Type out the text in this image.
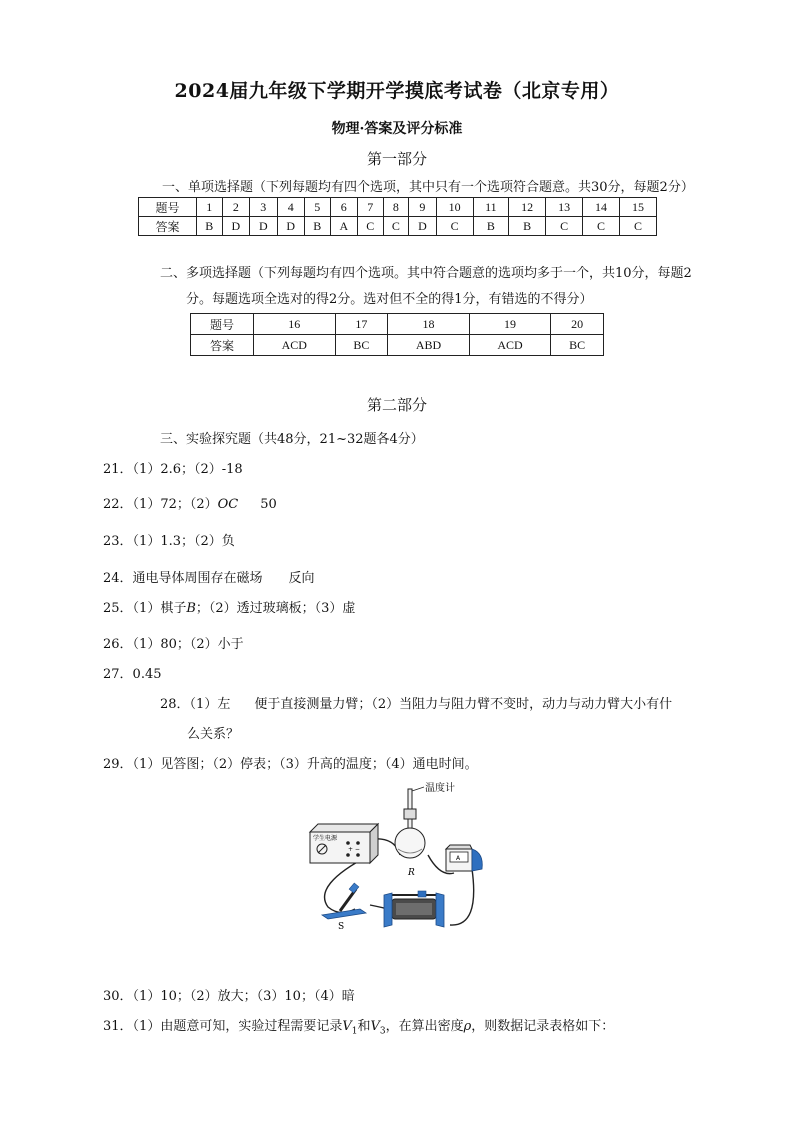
2024届九年级下学期开学摸底考试卷（北京专用）
物理·答案及评分标准
第一部分
一、单项选择题（下列每题均有四个选项，其中只有一个选项符合题意。共30分，每题2分）
题号	1	2	3	4	5	6	7	8	9	10	11	12	13	14	15
答案	B	D	D	D	B	A	C	C	D	C	B	B	C	C	C
二、多项选择题（下列每题均有四个选项。其中符合题意的选项均多于一个，共10分，每题2
分。每题选项全选对的得2分。选对但不全的得1分，有错选的不得分）
题号	16	17	18	19	20
答案	ACD	BC	ABD	ACD	BC
第二部分
三、实验探究题（共48分，21~32题各4分）
21．（1）2.6；（2）-18
22．（1）72；（2）OC 50
23．（1）1.3；（2）负
24．通电导体周围存在磁场 反向
25．（1）棋子B；（2）透过玻璃板；（3）虚
26．（1）80；（2）小于
27．0.45
28．（1）左 便于直接测量力臂；（2）当阻力与阻力臂不变时，动力与动力臂大小有什
么关系？
29．（1）见答图；（2）停表；（3）升高的温度；（4）通电时间。
学生电源
+ −
温度计
R
A
S
30．（1）10；（2）放大；（3）10；（4）暗
31．（1）由题意可知，实验过程需要记录$V_1$和$V_3$，在算出密度ρ，则数据记录表格如下：
